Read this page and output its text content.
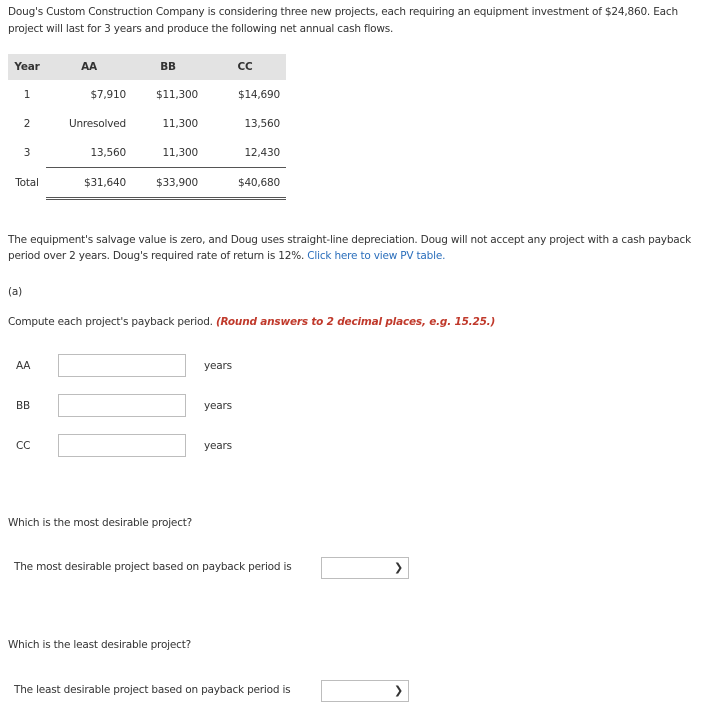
Doug's Custom Construction Company is considering three new projects, each requiring an equipment investment of $24,860. Each project will last for 3 years and produce the following net annual cash flows.
Year	AA	BB	CC
1	$7,910	$11,300	$14,690
2	Unresolved	11,300	13,560
3	13,560	11,300	12,430
Total	$31,640	$33,900	$40,680
The equipment's salvage value is zero, and Doug uses straight-line depreciation. Doug will not accept any project with a cash payback period over 2 years. Doug's required rate of return is 12%. Click here to view PV table.
(a)
Compute each project's payback period. (Round answers to 2 decimal places, e.g. 15.25.)
AA	years
BB	years
CC	years
Which is the most desirable project?
The most desirable project based on payback period is	❯
Which is the least desirable project?
The least desirable project based on payback period is	❯
